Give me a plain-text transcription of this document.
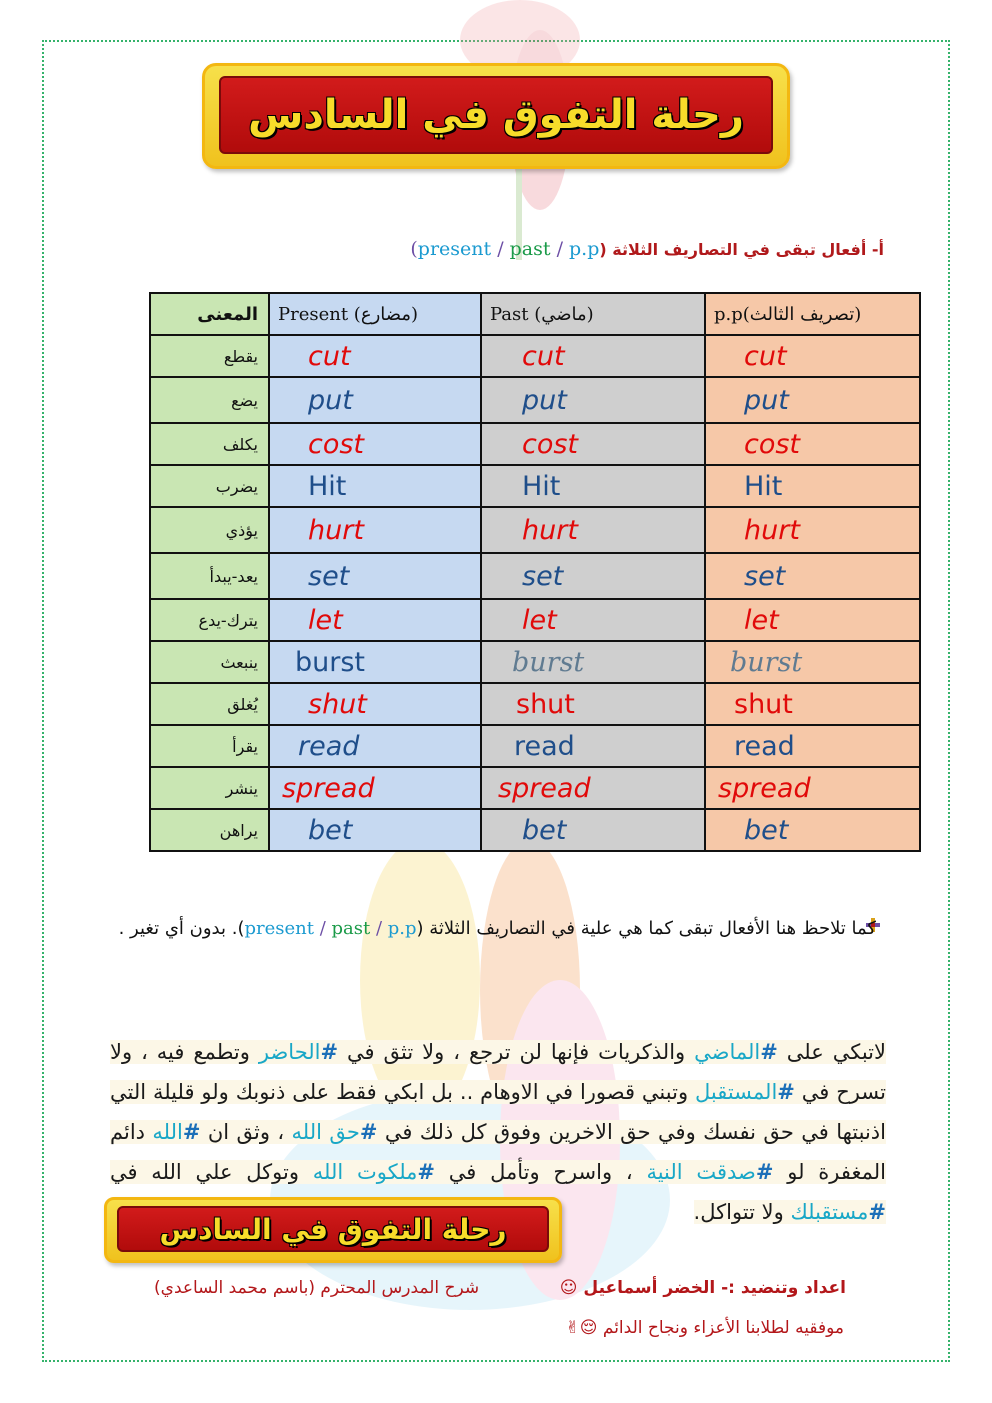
رحلة التفوق في السادس
أ- أفعال تبقى في التصاريف الثلاثة (present / past / p.p)
المعنى	Present (مضارع)	Past (ماضي)	p.p(تصريف الثالث)
يقطع	cut	cut	cut
يضع	put	put	put
يكلف	cost	cost	cost
يضرب	Hit	Hit	Hit
يؤذي	hurt	hurt	hurt
يعد-يبدأ	set	set	set
يترك-يدع	let	let	let
ينبعث	burst	burst	burst
يُغلق	shut	shut	shut
يقرأ	read	read	read
ينشر	spread	spread	spread
يراهن	bet	bet	bet
كما تلاحظ هنا الأفعال تبقى كما هي علية في التصاريف الثلاثة (present / past / p.p). بدون أي تغير .
لاتبكي على #الماضي والذكريات فإنها لن ترجع ، ولا تثق في #الحاضر وتطمع فيه ، ولا تسرح في #المستقبل وتبني قصورا في الاوهام .. بل ابكي فقط على ذنوبك ولو قليلة التي اذنبتها في حق نفسك وفي حق الاخرين وفوق كل ذلك في #حق الله ، وثق ان #الله دائم المغفرة لو #صدقت النية ، واسرح وتأمل في #ملكوت الله وتوكل علي الله في #مستقبلك ولا تتواكل.
رحلة التفوق في السادس
اعداد وتنضيد :- الخضر أسماعيل ☺
شرح المدرس المحترم (باسم محمد الساعدي)
موفقيه لطلابنا الأعزاء ونجاح الدائم 😌✌
